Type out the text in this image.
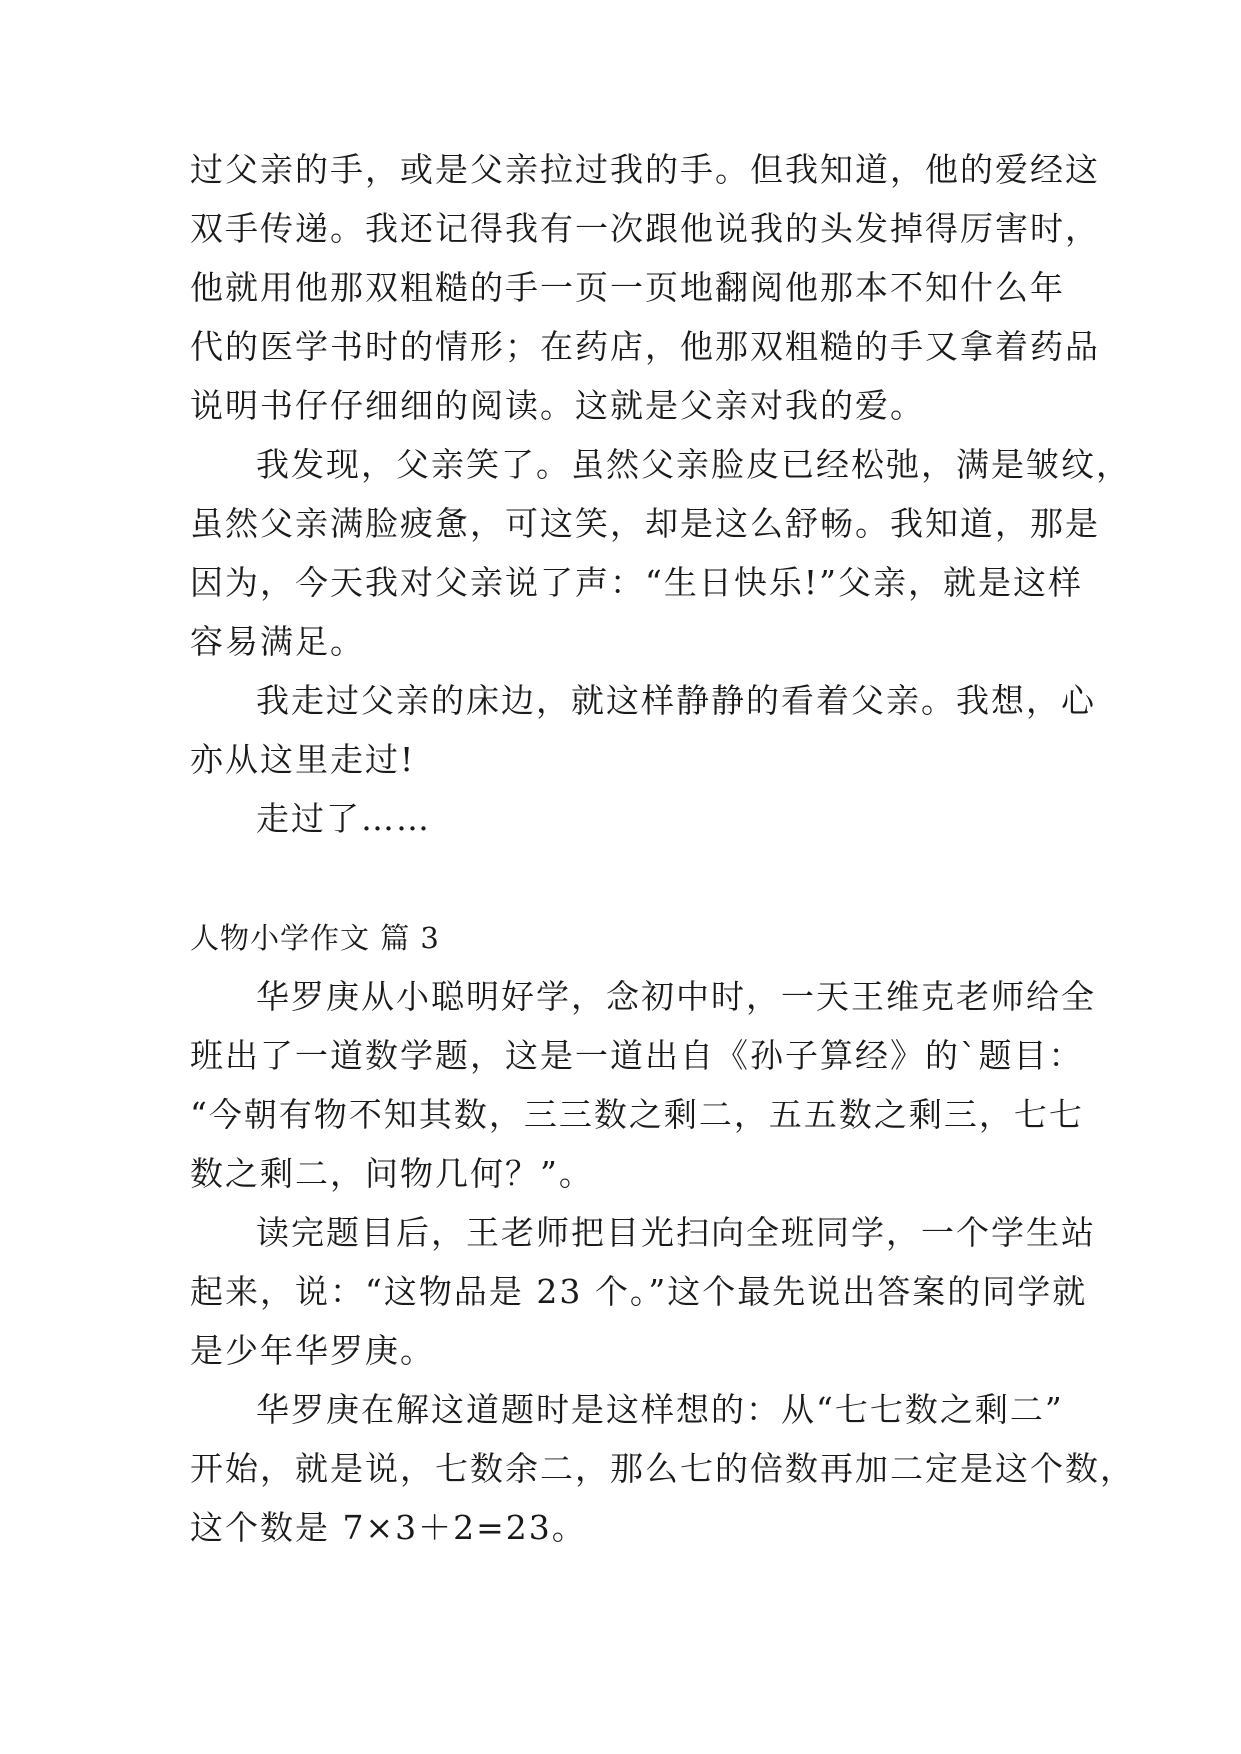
过父亲的手，或是父亲拉过我的手。但我知道，他的爱经这
双手传递。我还记得我有一次跟他说我的头发掉得厉害时，
他就用他那双粗糙的手一页一页地翻阅他那本不知什么年
代的医学书时的情形；在药店，他那双粗糙的手又拿着药品
说明书仔仔细细的阅读。这就是父亲对我的爱。
我发现，父亲笑了。虽然父亲脸皮已经松弛，满是皱纹，
虽然父亲满脸疲惫，可这笑，却是这么舒畅。我知道，那是
因为，今天我对父亲说了声：“生日快乐!”父亲，就是这样
容易满足。
我走过父亲的床边，就这样静静的看着父亲。我想，心
亦从这里走过!
走过了……
人物小学作文 篇 3
华罗庚从小聪明好学，念初中时，一天王维克老师给全
班出了一道数学题，这是一道出自《孙子算经》的`题目：
“今朝有物不知其数，三三数之剩二，五五数之剩三，七七
数之剩二，问物几何？”。
读完题目后，王老师把目光扫向全班同学，一个学生站
起来，说：“这物品是 23 个。”这个最先说出答案的同学就
是少年华罗庚。
华罗庚在解这道题时是这样想的：从“七七数之剩二”
开始，就是说，七数余二，那么七的倍数再加二定是这个数，
这个数是 7×3＋2=23。
